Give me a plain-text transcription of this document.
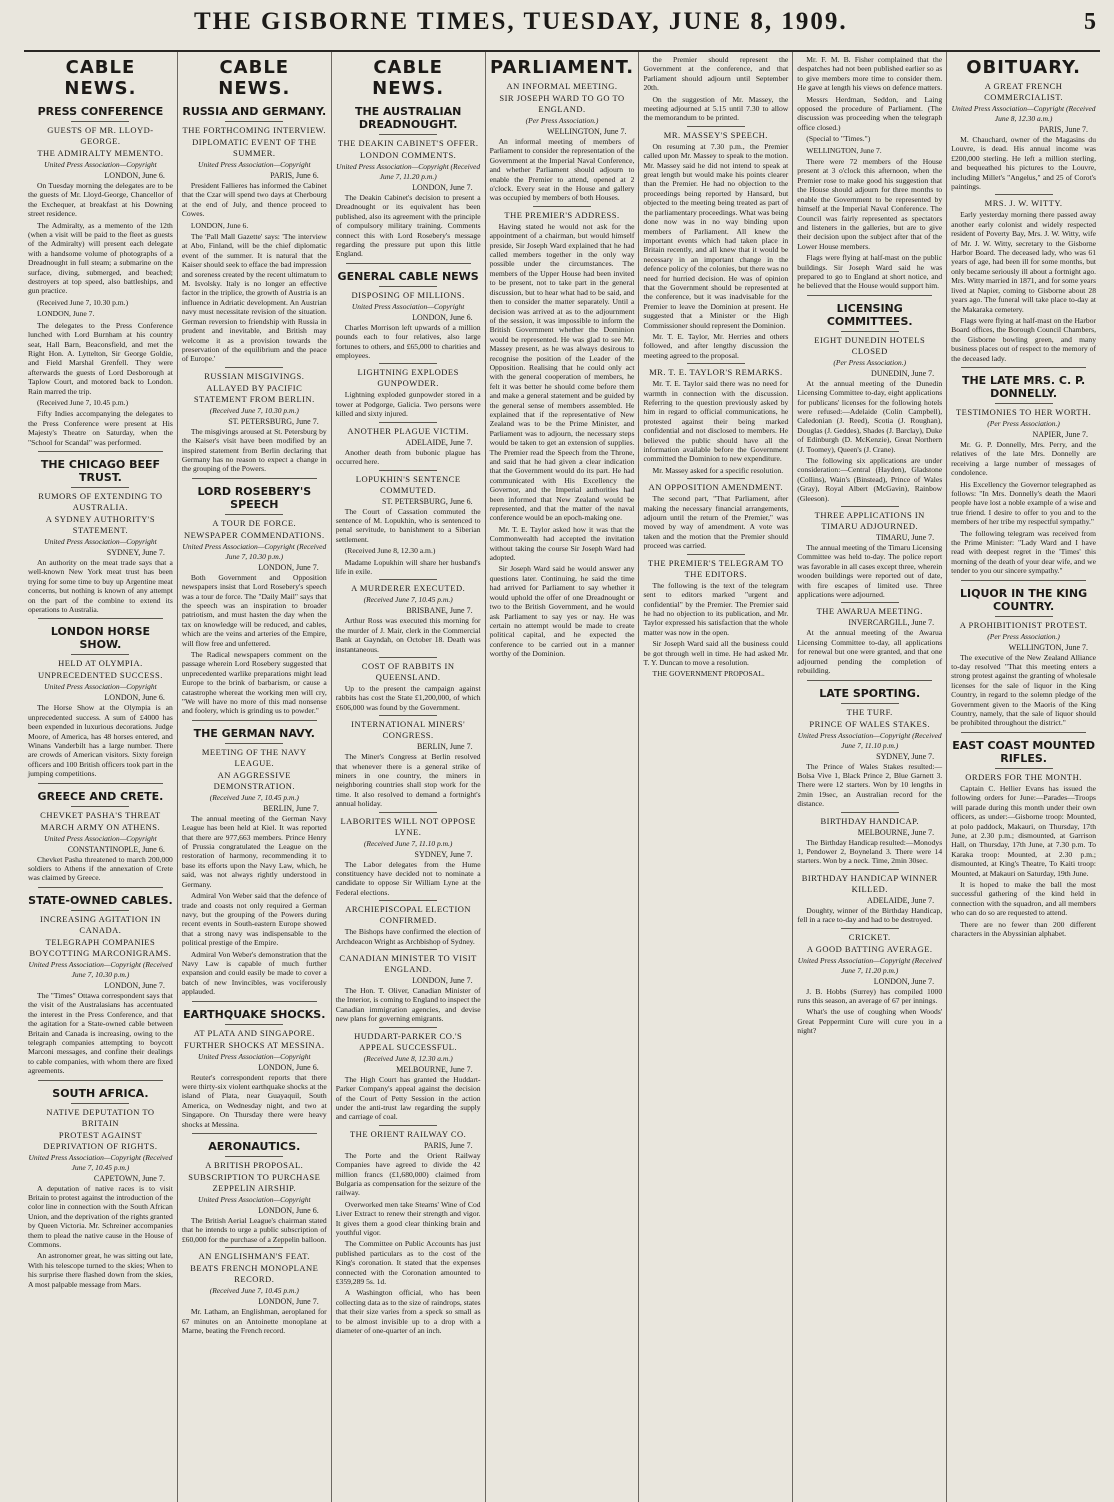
THE GISBORNE TIMES, TUESDAY, JUNE 8, 1909.	5
CABLE NEWS.
PRESS CONFERENCE
GUESTS OF MR. LLOYD-GEORGE.
THE ADMIRALTY MEMENTO.
United Press Association—Copyright
LONDON, June 6.

On Tuesday morning the delegates are to be the guests of Mr. Lloyd-George, Chancellor of the Exchequer, at breakfast at his Downing street residence.

The Admiralty, as a memento of the 12th (when a visit will be paid to the fleet as guests of the Admiralty) will present each delegate with a handsome volume of photographs of a Dreadnought in full steam; a submarine on the surface, diving, submerged, and beached; destroyers at top speed, also battleships, and gun practice.

(Received June 7, 10.30 p.m.)

LONDON, June 7.

The delegates to the Press Conference lunched with Lord Burnham at his country seat, Hall Barn, Beaconsfield, and met the Right Hon. A. Lyttelton, Sir George Goldie, and Field Marshal Grenfell. They were afterwards the guests of Lord Desborough at Taplow Court, and motored back to London. Rain marred the trip.

(Received June 7, 10.45 p.m.)

Fifty Indies accompanying the delegates to the Press Conference were present at His Majesty's Theatre on Saturday, when the "School for Scandal" was performed.

THE CHICAGO BEEF TRUST.
RUMORS OF EXTENDING TO AUSTRALIA.
A SYDNEY AUTHORITY'S STATEMENT.
United Press Association—Copyright
SYDNEY, June 7.

An authority on the meat trade says that a well-known New York meat trust has been trying for some time to buy up Argentine meat concerns, but nothing is known of any attempt on the part of the combine to extend its operations to Australia.

LONDON HORSE SHOW.
HELD AT OLYMPIA.
UNPRECEDENTED SUCCESS.
United Press Association—Copyright
LONDON, June 6.

The Horse Show at the Olympia is an unprecedented success. A sum of £4000 has been expended in luxurious decorations. Judge Moore, of America, has 48 horses entered, and Winans Vanderbilt has a large number. There are crowds of American visitors. Sixty foreign officers and 100 British officers took part in the jumping competitions.

GREECE AND CRETE.
CHEVKET PASHA'S THREAT
MARCH ARMY ON ATHENS.
United Press Association—Copyright
CONSTANTINOPLE, June 6.

Chevket Pasha threatened to march 200,000 soldiers to Athens if the annexation of Crete was claimed by Greece.

STATE-OWNED CABLES.
INCREASING AGITATION IN CANADA.
TELEGRAPH COMPANIES BOYCOTTING MARCONIGRAMS.
United Press Association—Copyright (Received June 7, 10.30 p.m.)
LONDON, June 7.

The "Times" Ottawa correspondent says that the visit of the Australasians has accentuated the interest in the Press Conference, and that the agitation for a State-owned cable between Britain and Canada is increasing, owing to the telegraph companies attempting to boycott Marconi messages, and confine their dealings to cable companies, with whom there are fixed agreements.

SOUTH AFRICA.
NATIVE DEPUTATION TO BRITAIN
PROTEST AGAINST DEPRIVATION OF RIGHTS.
United Press Association—Copyright (Received June 7, 10.45 p.m.)
CAPETOWN, June 7.

A deputation of native races is to visit Britain to protest against the introduction of the color line in connection with the South African Union, and the deprivation of the rights granted by Queen Victoria. Mr. Schreiner accompanies them to plead the native cause in the House of Commons.

An astronomer great, he was sitting out late, With his telescope turned to the skies; When to his surprise there flashed down from the skies, A most palpable message from Mars.

CABLE NEWS.
RUSSIA AND GERMANY.
THE FORTHCOMING INTERVIEW.
DIPLOMATIC EVENT OF THE SUMMER.
United Press Association—Copyright
PARIS, June 6.

President Fallieres has informed the Cabinet that the Czar will spend two days at Cherbourg at the end of July, and thence proceed to Cowes.

LONDON, June 6.

The 'Pall Mall Gazette' says: 'The interview at Abo, Finland, will be the chief diplomatic event of the summer. It is natural that the Kaiser should seek to efface the bad impression and soreness created by the recent ultimatum to M. Isvolsky. Italy is no longer an effective factor in the triplice, the growth of Austria is an influence in Adriatic development. An Austrian navy must necessitate revision of the situation. German reversion to friendship with Russia in prudent and inevitable, and British may welcome it as a provision towards the preservation of the equilibrium and the peace of Europe.'

RUSSIAN MISGIVINGS.
ALLAYED BY PACIFIC STATEMENT FROM BERLIN.
(Received June 7, 10.30 p.m.)
ST. PETERSBURG, June 7.

The misgivings aroused at St. Petersburg by the Kaiser's visit have been modified by an inspired statement from Berlin declaring that Germany has no reason to expect a change in the grouping of the Powers.

LORD ROSEBERY'S SPEECH
A TOUR DE FORCE.
NEWSPAPER COMMENDATIONS.
United Press Association—Copyright (Received June 7, 10.30 p.m.)
LONDON, June 7.

Both Government and Opposition newspapers insist that Lord Rosebery's speech was a tour de force. The "Daily Mail" says that the speech was an inspiration to broader patriotism, and must hasten the day when the tax on knowledge will be reduced, and cables, which are the veins and arteries of the Empire, will flow free and unfettered.

The Radical newspapers comment on the passage wherein Lord Rosebery suggested that unprecedented warlike preparations might lead Europe to the brink of barbarism, or cause a catastrophe whereat the working men will cry, "We will have no more of this mad nonsense and foolery, which is grinding us to powder."

THE GERMAN NAVY.
MEETING OF THE NAVY LEAGUE.
AN AGGRESSIVE DEMONSTRATION.
(Received June 7, 10.45 p.m.)
BERLIN, June 7.

The annual meeting of the German Navy League has been held at Kiel. It was reported that there are 977,663 members. Prince Henry of Prussia congratulated the League on the restoration of harmony, recommending it to base its efforts upon the Navy Law, which, he said, was not always rightly understood in Germany.

Admiral Von Weber said that the defence of trade and coasts not only required a German navy, but the grouping of the Powers during recent events in South-eastern Europe showed that a strong navy was indispensable to the political prestige of the Empire.

Admiral Von Weber's demonstration that the Navy Law is capable of much further expansion and could easily be made to cover a batch of new Invincibles, was vociferously applauded.

EARTHQUAKE SHOCKS.
AT PLATA AND SINGAPORE.
FURTHER SHOCKS AT MESSINA.
United Press Association—Copyright
LONDON, June 6.

Reuter's correspondent reports that there were thirty-six violent earthquake shocks at the island of Plata, near Guayaquil, South America, on Wednesday night, and two at Singapore. On Thursday there were heavy shocks at Messina.

AERONAUTICS.
A BRITISH PROPOSAL.
SUBSCRIPTION TO PURCHASE ZEPPELIN AIRSHIP.
United Press Association—Copyright
LONDON, June 6.

The British Aerial League's chairman stated that he intends to urge a public subscription of £60,000 for the purchase of a Zeppelin balloon.

AN ENGLISHMAN'S FEAT.
BEATS FRENCH MONOPLANE RECORD.
(Received June 7, 10.45 p.m.)
LONDON, June 7.

Mr. Latham, an Englishman, aeroplaned for 67 minutes on an Antoinette monoplane at Marne, beating the French record.

CABLE NEWS.
THE AUSTRALIAN DREADNOUGHT.
THE DEAKIN CABINET'S OFFER.
LONDON COMMENTS.
United Press Association—Copyright (Received June 7, 11.20 p.m.)
LONDON, June 7.

The Deakin Cabinet's decision to present a Dreadnought or its equivalent has been published, also its agreement with the principle of compulsory military training. Comments connect this with Lord Rosebery's message regarding the pressure put upon this little England.

GENERAL CABLE NEWS
DISPOSING OF MILLIONS.
United Press Association—Copyright
LONDON, June 6.

Charles Morrison left upwards of a million pounds each to four relatives, also large fortunes to others, and £65,000 to charities and employees.

LIGHTNING EXPLODES GUNPOWDER.

Lightning exploded gunpowder stored in a tower at Podgorge, Galicia. Two persons were killed and sixty injured.

ANOTHER PLAGUE VICTIM.
ADELAIDE, June 7.

Another death from bubonic plague has occurred here.

LOPUKHIN'S SENTENCE COMMUTED.
ST. PETERSBURG, June 6.

The Court of Cassation commuted the sentence of M. Lopukhin, who is sentenced to penal servitude, to banishment to a Siberian settlement.

(Received June 8, 12.30 a.m.)

Madame Lopukhin will share her husband's life in exile.

A MURDERER EXECUTED.
(Received June 7, 10.45 p.m.)
BRISBANE, June 7.

Arthur Ross was executed this morning for the murder of J. Mair, clerk in the Commercial Bank at Gayndah, on October 18. Death was instantaneous.

COST OF RABBITS IN QUEENSLAND.

Up to the present the campaign against rabbits has cost the State £1,200,000, of which £606,000 was found by the Government.

INTERNATIONAL MINERS' CONGRESS.
BERLIN, June 7.

The Miner's Congress at Berlin resolved that whenever there is a general strike of miners in one country, the miners in neighboring countries shall stop work for the time. It also resolved to demand a fortnight's annual holiday.

LABORITES WILL NOT OPPOSE LYNE.
(Received June 7, 11.10 p.m.)
SYDNEY, June 7.

The Labor delegates from the Hume constituency have decided not to nominate a candidate to oppose Sir William Lyne at the Federal elections.

ARCHIEPISCOPAL ELECTION CONFIRMED.

The Bishops have confirmed the election of Archdeacon Wright as Archbishop of Sydney.

CANADIAN MINISTER TO VISIT ENGLAND.
LONDON, June 7.

The Hon. T. Oliver, Canadian Minister of the Interior, is coming to England to inspect the Canadian immigration agencies, and devise new plans for governing emigrants.

HUDDART-PARKER CO.'S APPEAL SUCCESSFUL.
(Received June 8, 12.30 a.m.)
MELBOURNE, June 7.

The High Court has granted the Huddart-Parker Company's appeal against the decision of the Court of Petty Session in the action under the anti-trust law regarding the supply and carriage of coal.

THE ORIENT RAILWAY CO.
PARIS, June 7.

The Porte and the Orient Railway Companies have agreed to divide the 42 million francs (£1,680,000) claimed from Bulgaria as compensation for the seizure of the railway.

Overworked men take Stearns' Wine of Cod Liver Extract to renew their strength and vigor. It gives them a good clear thinking brain and youthful vigor.

The Committee on Public Accounts has just published particulars as to the cost of the King's coronation. It stated that the expenses connected with the Coronation amounted to £359,289 5s. 1d.

A Washington official, who has been collecting data as to the size of raindrops, states that their size varies from a speck so small as to be almost invisible up to a drop with a diameter of one-quarter of an inch.

PARLIAMENT.
AN INFORMAL MEETING.
SIR JOSEPH WARD TO GO TO ENGLAND.
(Per Press Association.)
WELLINGTON, June 7.

An informal meeting of members of Parliament to consider the representation of the Government at the Imperial Naval Conference, and whether Parliament should adjourn to enable the Premier to attend, opened at 2 o'clock. Every seat in the House and gallery was occupied by members of both Houses.

THE PREMIER'S ADDRESS.

Having stated he would not ask for the appointment of a chairman, but would himself preside, Sir Joseph Ward explained that he had called members together in the only way possible under the circumstances. The members of the Upper House had been invited to be present, not to take part in the general discussion, but to hear what had to be said, and then to consider the matter separately. Until a decision was arrived at as to the adjournment of the session, it was impossible to inform the British Government whether the Dominion would be represented. He was glad to see Mr. Massey present, as he was always desirous to recognise the position of the Leader of the Opposition. Realising that he could only act with the general cooperation of members, he felt it was better he should come before them and make a general statement and be guided by the general sense of members assembled. He explained that if the representative of New Zealand was to be the Prime Minister, and Parliament was to adjourn, the necessary steps would be taken to get an extension of supplies. The Premier read the Speech from the Throne, and said that he had given a clear indication that the Government would do its part. He had communicated with His Excellency the Governor, and the Imperial authorities had been informed that New Zealand would be represented, and that the matter of the naval conference would be an epoch-making one.

Mr. T. E. Taylor asked how it was that the Commonwealth had accepted the invitation without taking the course Sir Joseph Ward had adopted.

Sir Joseph Ward said he would answer any questions later. Continuing, he said the time had arrived for Parliament to say whether it would uphold the offer of one Dreadnought or two to the British Government, and he would ask Parliament to say yes or nay. He was certain no attempt would be made to create political capital, and he expected the conference to be carried out in a manner worthy of the Dominion.

the Premier should represent the Government at the conference, and that Parliament should adjourn until September 20th.

On the suggestion of Mr. Massey, the meeting adjourned at 5.15 until 7.30 to allow the memorandum to be printed.

MR. MASSEY'S SPEECH.

On resuming at 7.30 p.m., the Premier called upon Mr. Massey to speak to the motion. Mr. Massey said he did not intend to speak at great length but would make his points clearer than the Premier. He had no objection to the proceedings being reported by Hansard, but objected to the meeting being treated as part of the parliamentary proceedings. What was being done now was in no way binding upon members of Parliament. All knew the important events which had taken place in Britain recently, and all knew that it would be necessary in an important change in the defence policy of the colonies, but there was no need for hurried decision. He was of opinion that the Government should be represented at the conference, but it was inadvisable for the Premier to leave the Dominion at present. He suggested that a Minister or the High Commissioner should represent the Dominion.

Mr. T. E. Taylor, Mr. Herries and others followed, and after lengthy discussion the meeting agreed to the proposal.

MR. T. E. TAYLOR'S REMARKS.

Mr. T. E. Taylor said there was no need for warmth in connection with the discussion. Referring to the question previously asked by him in regard to official communications, he protested against their being marked confidential and not disclosed to members. He believed the public should have all the information available before the Government committed the Dominion to new expenditure.

Mr. Massey asked for a specific resolution.

AN OPPOSITION AMENDMENT.

The second part, "That Parliament, after making the necessary financial arrangements, adjourn until the return of the Premier," was moved by way of amendment. A vote was taken and the motion that the Premier should proceed was carried.

THE PREMIER'S TELEGRAM TO THE EDITORS.

The following is the text of the telegram sent to editors marked "urgent and confidential" by the Premier. The Premier said he had no objection to its publication, and Mr. Taylor expressed his satisfaction that the whole matter was now in the open.

Sir Joseph Ward said all the business could be got through well in time. He had asked Mr. T. Y. Duncan to move a resolution.

THE GOVERNMENT PROPOSAL.

Mr. F. M. B. Fisher complained that the despatches had not been published earlier so as to give members more time to consider them. He gave at length his views on defence matters.

Messrs Herdman, Seddon, and Laing opposed the procedure of Parliament. (The discussion was proceeding when the telegraph office closed.)

(Special to "Times.")

WELLINGTON, June 7.

There were 72 members of the House present at 3 o'clock this afternoon, when the Premier rose to make good his suggestion that the House should adjourn for three months to enable the Government to be represented by himself at the Imperial Naval Conference. The Council was fairly represented as spectators and listeners in the galleries, but are to give their decision upon the subject after that of the Lower House members.

Flags were flying at half-mast on the public buildings. Sir Joseph Ward said he was prepared to go to England at short notice, and he believed that the House would support him.

LICENSING COMMITTEES.
EIGHT DUNEDIN HOTELS CLOSED
(Per Press Association.)
DUNEDIN, June 7.

At the annual meeting of the Dunedin Licensing Committee to-day, eight applications for publicans' licenses for the following hotels were refused:—Adelaide (Colin Campbell), Caledonian (J. Reed), Scotia (J. Roughan), Douglas (J. Geddes), Shades (J. Barclay), Duke of Edinburgh (D. McKenzie), Great Northern (J. Toomey), Queen's (J. Crane).

The following six applications are under consideration:—Central (Hayden), Gladstone (Collins), Wain's (Binstead), Prince of Wales (Gray), Royal Albert (McGavin), Rainbow (Gleeson).

THREE APPLICATIONS IN TIMARU ADJOURNED.
TIMARU, June 7.

The annual meeting of the Timaru Licensing Committee was held to-day. The police report was favorable in all cases except three, wherein wooden buildings were reported out of date, with fire escapes of limited use. Three applications were adjourned.

THE AWARUA MEETING.
INVERCARGILL, June 7.

At the annual meeting of the Awarua Licensing Committee to-day, all applications for renewal but one were granted, and that one adjourned pending the completion of rebuilding.

LATE SPORTING.
THE TURF.
PRINCE OF WALES STAKES.
United Press Association—Copyright (Received June 7, 11.10 p.m.)
SYDNEY, June 7.

The Prince of Wales Stakes resulted:—Bolsa Vive 1, Black Prince 2, Blue Garnett 3. There were 12 starters. Won by 10 lengths in 2min 19sec, an Australian record for the distance.

BIRTHDAY HANDICAP.
MELBOURNE, June 7.

The Birthday Handicap resulted:—Monodys 1, Pendower 2, Boyneland 3. There were 14 starters. Won by a neck. Time, 2min 30sec.

BIRTHDAY HANDICAP WINNER KILLED.
ADELAIDE, June 7.

Doughty, winner of the Birthday Handicap, fell in a race to-day and had to be destroyed.

CRICKET.
A GOOD BATTING AVERAGE.
United Press Association—Copyright (Received June 7, 11.20 p.m.)
LONDON, June 7.

J. B. Hobbs (Surrey) has compiled 1000 runs this season, an average of 67 per innings.

What's the use of coughing when Woods' Great Peppermint Cure will cure you in a night?

OBITUARY.
A GREAT FRENCH COMMERCIALIST.
United Press Association—Copyright (Received June 8, 12.30 a.m.)
PARIS, June 7.

M. Chauchard, owner of the Magasins du Louvre, is dead. His annual income was £200,000 sterling. He left a million sterling, and bequeathed his pictures to the Louvre, including Millet's "Angelus," and 25 of Corot's paintings.

MRS. J. W. WITTY.

Early yesterday morning there passed away another early colonist and widely respected resident of Poverty Bay, Mrs. J. W. Witty, wife of Mr. J. W. Witty, secretary to the Gisborne Harbor Board. The deceased lady, who was 61 years of age, had been ill for some months, but only became seriously ill about a fortnight ago. Mrs. Witty married in 1871, and for some years lived at Napier, coming to Gisborne about 28 years ago. The funeral will take place to-day at the Makaraka cemetery.

Flags were flying at half-mast on the Harbor Board offices, the Borough Council Chambers, the Gisborne bowling green, and many business places out of respect to the memory of the deceased lady.

THE LATE MRS. C. P. DONNELLY.
TESTIMONIES TO HER WORTH.
(Per Press Association.)
NAPIER, June 7.

Mr. G. P. Donnelly, Mrs. Perry, and the relatives of the late Mrs. Donnelly are receiving a large number of messages of condolence.

His Excellency the Governor telegraphed as follows: "In Mrs. Donnelly's death the Maori people have lost a noble example of a wise and true friend. I desire to offer to you and to the members of her tribe my respectful sympathy."

The following telegram was received from the Prime Minister: "Lady Ward and I have read with deepest regret in the 'Times' this morning of the death of your dear wife, and we tender to you our sincere sympathy."

LIQUOR IN THE KING COUNTRY.
A PROHIBITIONIST PROTEST.
(Per Press Association.)
WELLINGTON, June 7.

The executive of the New Zealand Alliance to-day resolved "That this meeting enters a strong protest against the granting of wholesale licenses for the sale of liquor in the King Country, in regard to the solemn pledge of the Government given to the Maoris of the King Country, namely, that the sale of liquor should be prohibited throughout the district."

EAST COAST MOUNTED RIFLES.
ORDERS FOR THE MONTH.

Captain C. Hellier Evans has issued the following orders for June:—Parades—Troops will parade during this month under their own officers, as under:—Gisborne troop: Mounted, at polo paddock, Makauri, on Thursday, 17th June, at 2.30 p.m.; dismounted, at Garrison Hall, on Thursday, 17th June, at 7.30 p.m. To Karaka troop: Mounted, at 2.30 p.m.; dismounted, at King's Theatre, To Kaiti troop: Mounted, at Makauri on Saturday, 19th June.

It is hoped to make the ball the most successful gathering of the kind held in connection with the squadron, and all members who can do so are requested to attend.

There are no fewer than 200 different characters in the Abyssinian alphabet.
